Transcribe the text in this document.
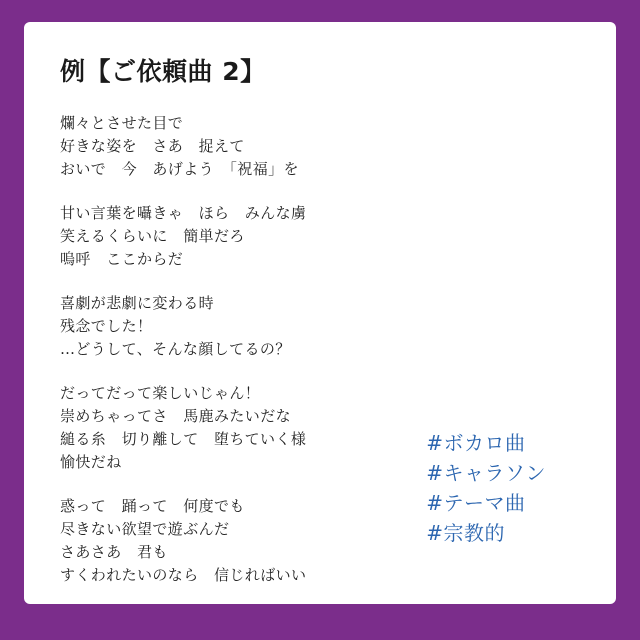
例【ご依頼曲 2】
爛々とさせた目で
好きな姿を　さあ　捉えて
おいで　今　あげよう　「祝福」を
甘い言葉を囁きゃ　ほら　みんな虜
笑えるくらいに　簡単だろ
嗚呼　ここからだ
喜劇が悲劇に変わる時
残念でした！
…どうして、そんな顔してるの？
だってだって楽しいじゃん！
崇めちゃってさ　馬鹿みたいだな
縋る糸　切り離して　堕ちていく様
愉快だね
惑って　踊って　何度でも
尽きない欲望で遊ぶんだ
さあさあ　君も
すくわれたいのなら　信じればいい
#ボカロ曲
#キャラソン
#テーマ曲
#宗教的
